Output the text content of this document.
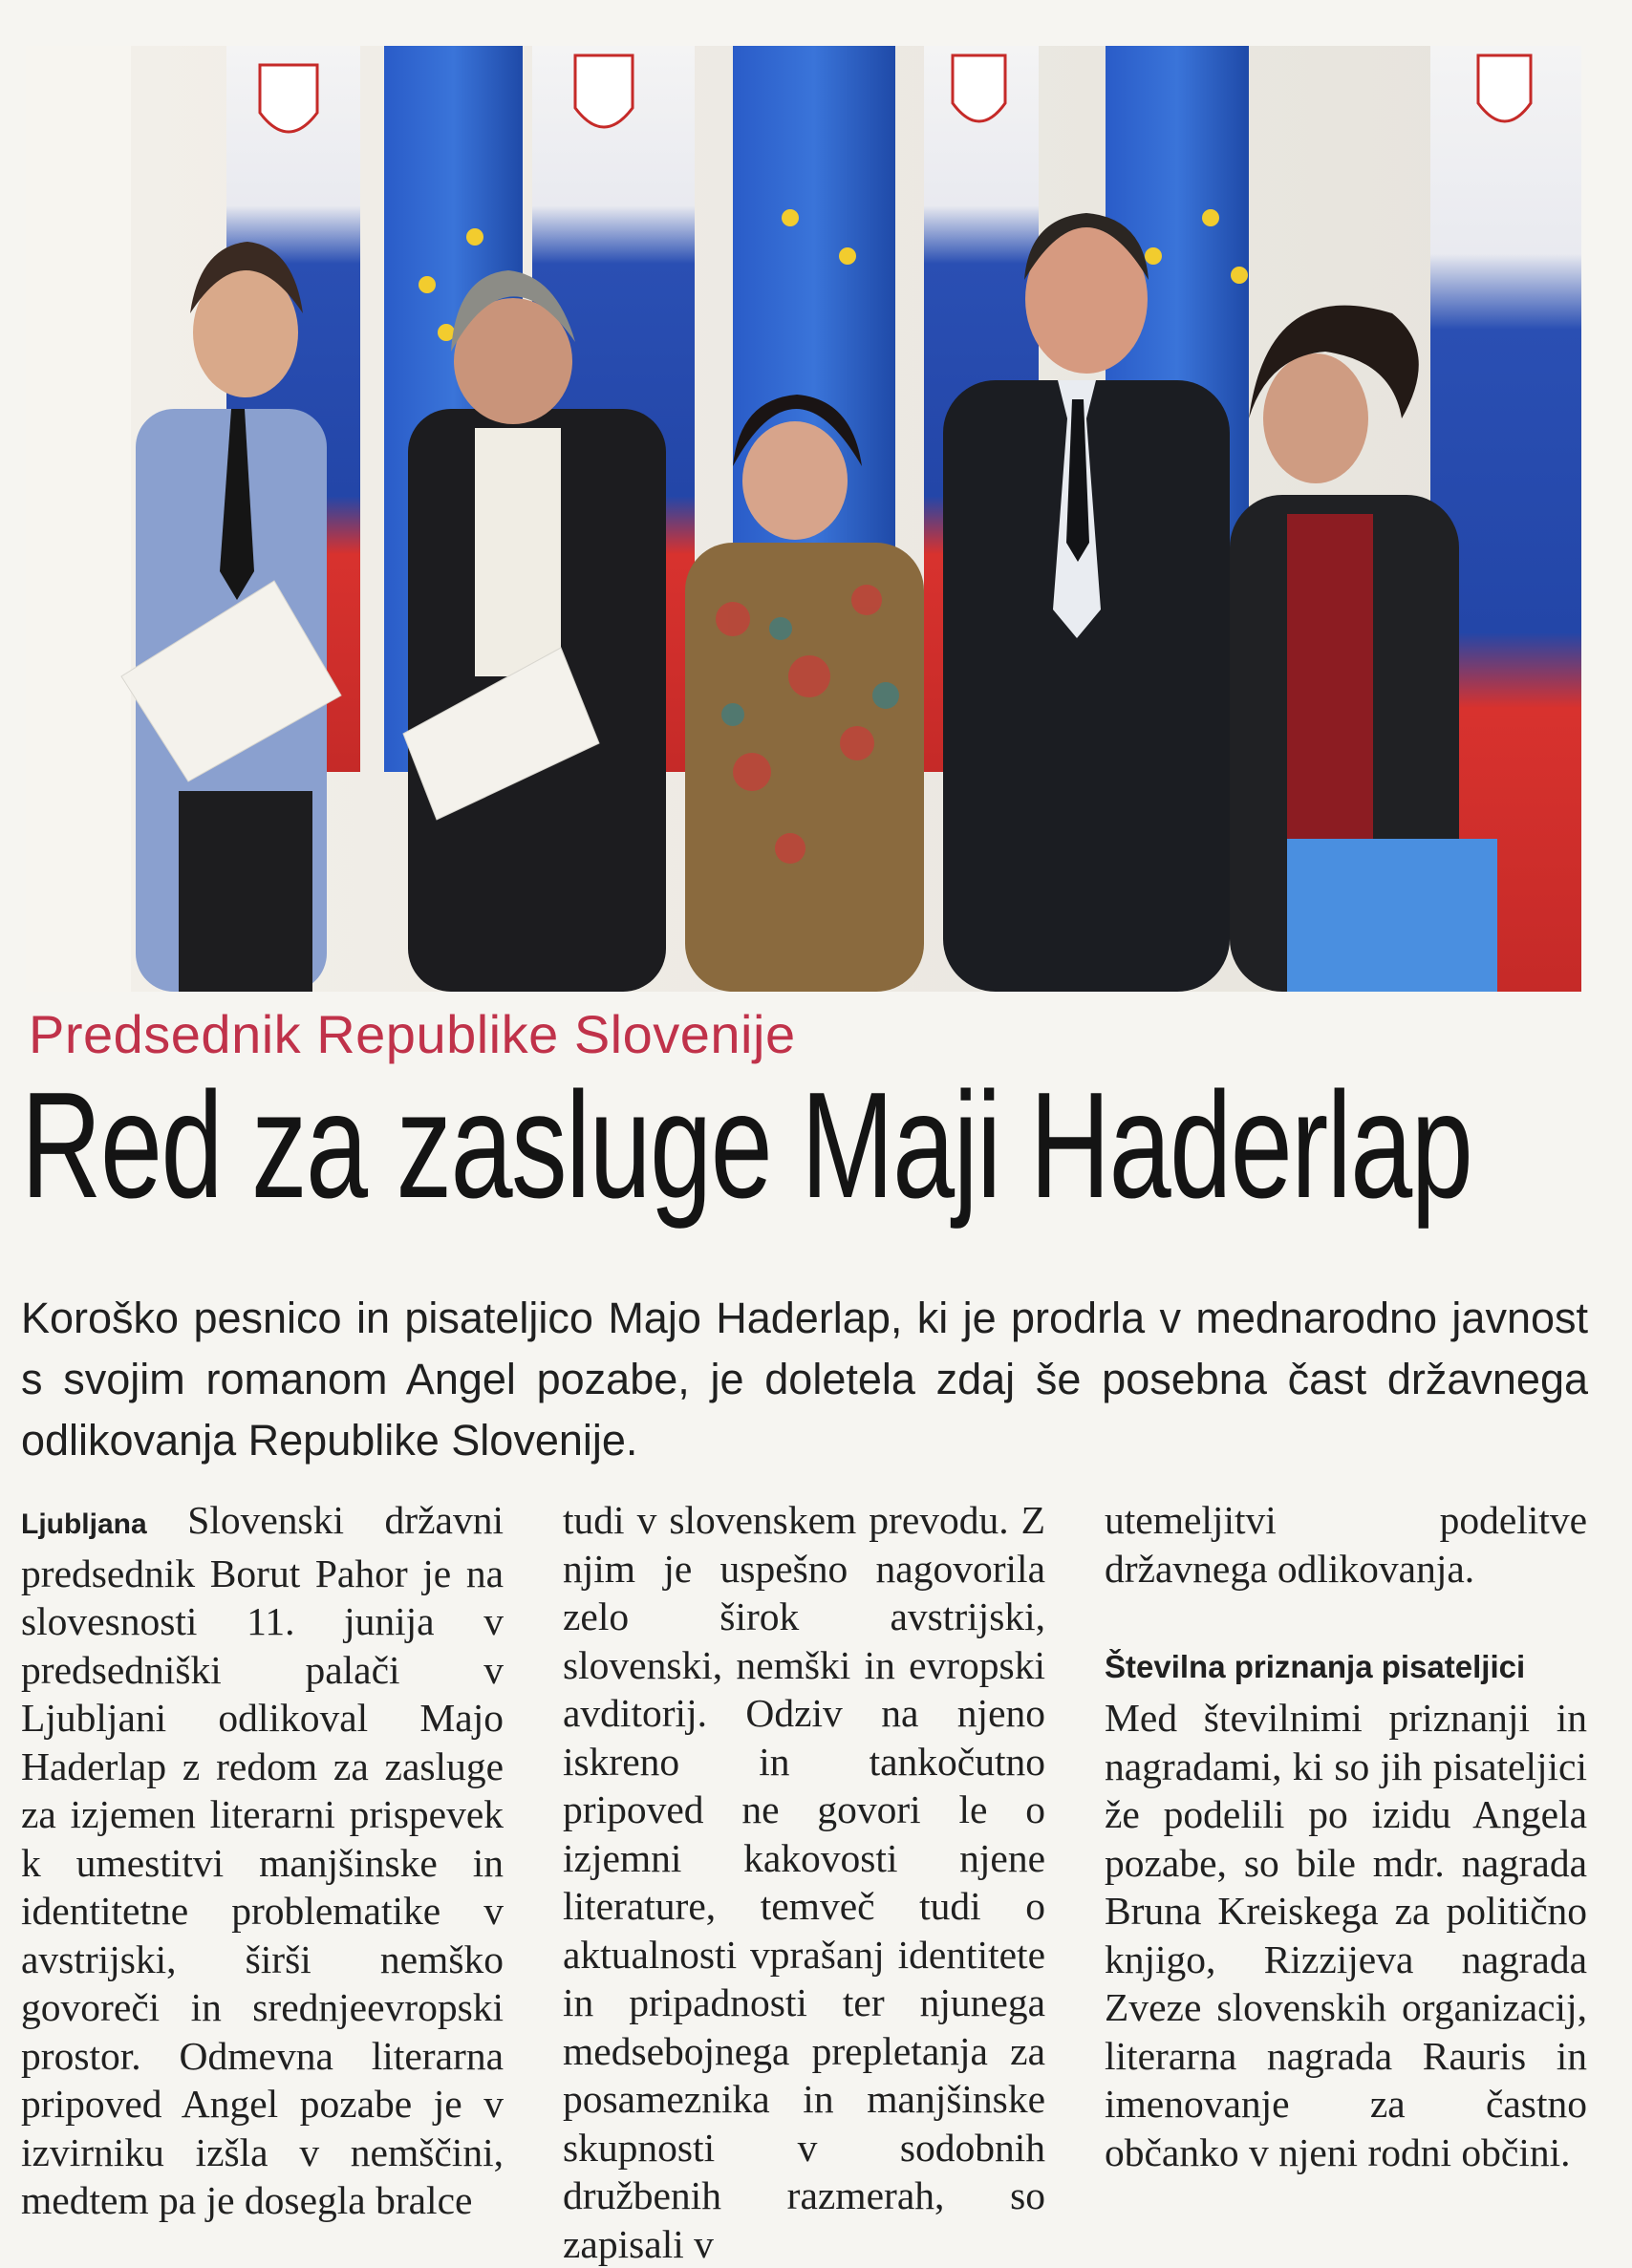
Predsednik Republike Slovenije
Red za zasluge Maji Haderlap
Koroško pesnico in pisateljico Majo Haderlap, ki je prodrla v mednarodno javnost s svojim romanom Angel pozabe, je doletela zdaj še posebna čast državnega odlikovanja Republike Slovenije.

Ljubljana Slovenski državni predsednik Borut Pahor je na slovesnosti 11. junija v predsedniški palači v Ljubljani odlikoval Majo Haderlap z redom za zasluge za izjemen literarni prispevek k umestitvi manjšinske in identitetne problematike v avstrijski, širši nemško govoreči in srednjeevropski prostor. Odmevna literarna pripoved Angel pozabe je v izvirniku izšla v nemščini, medtem pa je dosegla bralce

tudi v slovenskem prevodu. Z njim je uspešno nagovorila zelo širok avstrijski, slovenski, nemški in evropski avditorij. Odziv na njeno iskreno in tankočutno pripoved ne govori le o izjemni kakovosti njene literature, temveč tudi o aktualnosti vprašanj identitete in pripadnosti ter njunega medsebojnega prepletanja za posameznika in manjšinske skupnosti v sodobnih družbenih razmerah, so zapisali v

utemeljitvi podelitve državnega odlikovanja.

Številna priznanja pisateljici

Med številnimi priznanji in nagradami, ki so jih pisateljici že podelili po izidu Angela pozabe, so bile mdr. nagrada Bruna Kreiskega za politično knjigo, Rizzijeva nagrada Zveze slovenskih organizacij, literarna nagrada Rauris in imenovanje za častno občanko v njeni rodni občini.
